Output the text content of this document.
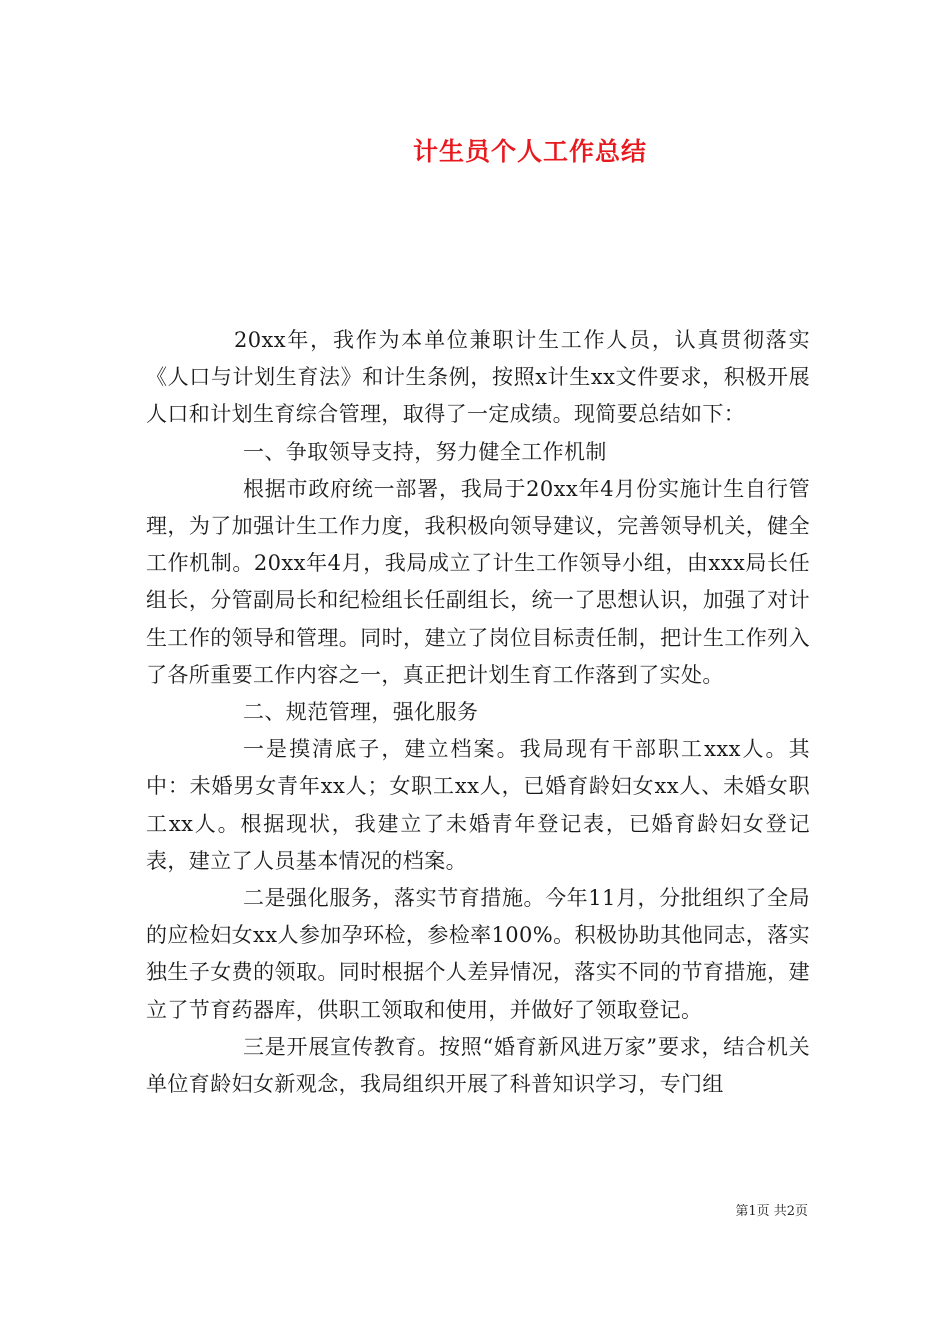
计生员个人工作总结

20xx年，我作为本单位兼职计生工作人员，认真贯彻落实《人口与计划生育法》和计生条例，按照x计生xx文件要求，积极开展人口和计划生育综合管理，取得了一定成绩。现简要总结如下：

一、争取领导支持，努力健全工作机制

根据市政府统一部署，我局于20xx年4月份实施计生自行管理，为了加强计生工作力度，我积极向领导建议，完善领导机关，健全工作机制。20xx年4月，我局成立了计生工作领导小组，由xxx局长任组长，分管副局长和纪检组长任副组长，统一了思想认识，加强了对计生工作的领导和管理。同时，建立了岗位目标责任制，把计生工作列入了各所重要工作内容之一，真正把计划生育工作落到了实处。

二、规范管理，强化服务

一是摸清底子，建立档案。我局现有干部职工xxx人。其中：未婚男女青年xx人；女职工xx人，已婚育龄妇女xx人、未婚女职工xx人。根据现状，我建立了未婚青年登记表，已婚育龄妇女登记表，建立了人员基本情况的档案。

二是强化服务，落实节育措施。今年11月，分批组织了全局的应检妇女xx人参加孕环检，参检率100%。积极协助其他同志，落实独生子女费的领取。同时根据个人差异情况，落实不同的节育措施，建立了节育药器库，供职工领取和使用，并做好了领取登记。

三是开展宣传教育。按照“婚育新风进万家”要求，结合机关单位育龄妇女新观念，我局组织开展了科普知识学习，专门组

第1页 共2页
